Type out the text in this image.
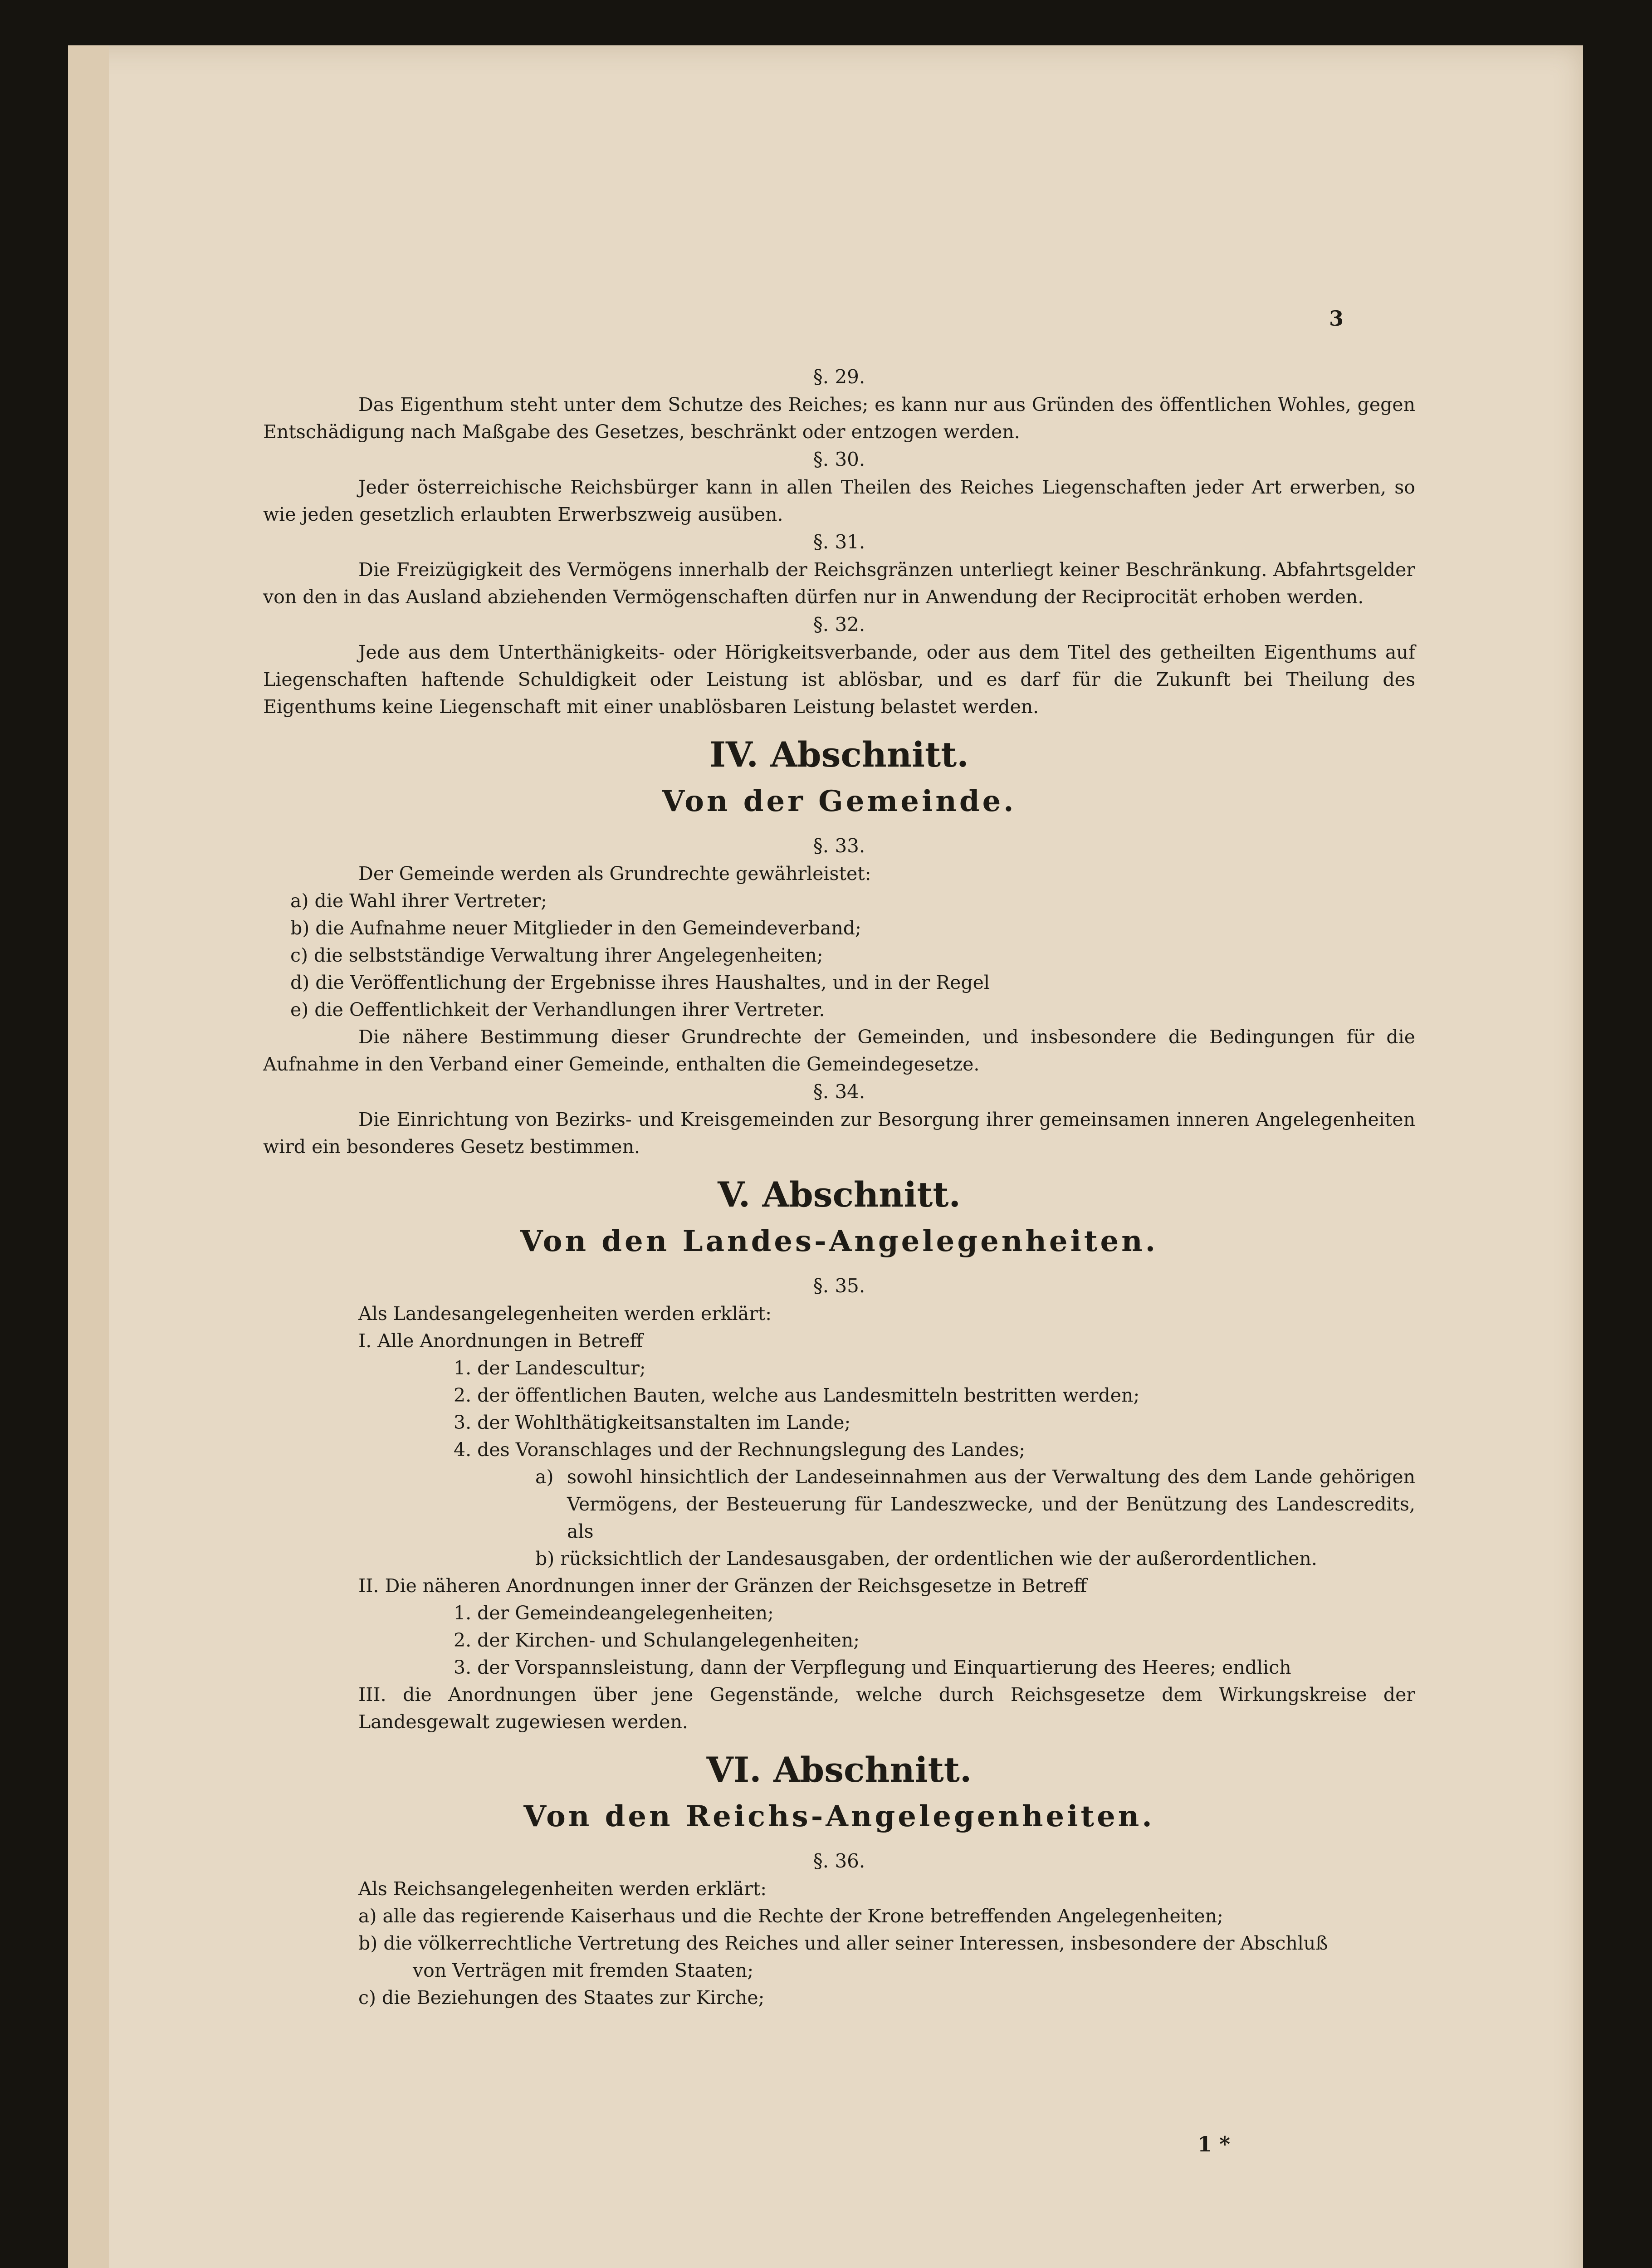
3
§. 29.

Das Eigenthum steht unter dem Schutze des Reiches; es kann nur aus Gründen des öffentlichen Wohles, gegen Entschädigung nach Maßgabe des Gesetzes, beschränkt oder entzogen werden.

§. 30.

Jeder österreichische Reichsbürger kann in allen Theilen des Reiches Liegenschaften jeder Art erwerben, so wie jeden gesetzlich erlaubten Erwerbszweig ausüben.

§. 31.

Die Freizügigkeit des Vermögens innerhalb der Reichsgränzen unterliegt keiner Beschränkung. Abfahrtsgelder von den in das Ausland abziehenden Vermögenschaften dürfen nur in Anwendung der Reciprocität erhoben werden.

§. 32.

Jede aus dem Unterthänigkeits- oder Hörigkeitsverbande, oder aus dem Titel des getheilten Eigenthums auf Liegenschaften haftende Schuldigkeit oder Leistung ist ablösbar, und es darf für die Zukunft bei Theilung des Eigenthums keine Liegenschaft mit einer unablösbaren Leistung belastet werden.

IV. Abschnitt.
Von der Gemeinde.
§. 33.

Der Gemeinde werden als Grundrechte gewährleistet:

a) die Wahl ihrer Vertreter;
b) die Aufnahme neuer Mitglieder in den Gemeindeverband;
c) die selbstständige Verwaltung ihrer Angelegenheiten;
d) die Veröffentlichung der Ergebnisse ihres Haushaltes, und in der Regel
e) die Oeffentlichkeit der Verhandlungen ihrer Vertreter.

Die nähere Bestimmung dieser Grundrechte der Gemeinden, und insbesondere die Bedingungen für die Aufnahme in den Verband einer Gemeinde, enthalten die Gemeindegesetze.

§. 34.

Die Einrichtung von Bezirks- und Kreisgemeinden zur Besorgung ihrer gemeinsamen inneren Angelegenheiten wird ein besonderes Gesetz bestimmen.

V. Abschnitt.
Von den Landes-Angelegenheiten.
§. 35.
Als Landesangelegenheiten werden erklärt:
I. Alle Anordnungen in Betreff
1. der Landescultur;
2. der öffentlichen Bauten, welche aus Landesmitteln bestritten werden;
3. der Wohlthätigkeitsanstalten im Lande;
4. des Voranschlages und der Rechnungslegung des Landes;
a) sowohl hinsichtlich der Landeseinnahmen aus der Verwaltung des dem Lande gehörigen Vermögens, der Besteuerung für Landeszwecke, und der Benützung des Landescredits, als
b) rücksichtlich der Landesausgaben, der ordentlichen wie der außerordentlichen.
II. Die näheren Anordnungen inner der Gränzen der Reichsgesetze in Betreff
1. der Gemeindeangelegenheiten;
2. der Kirchen- und Schulangelegenheiten;
3. der Vorspannsleistung, dann der Verpflegung und Einquartierung des Heeres; endlich

III. die Anordnungen über jene Gegenstände, welche durch Reichsgesetze dem Wirkungskreise der Landesgewalt zugewiesen werden.

VI. Abschnitt.
Von den Reichs-Angelegenheiten.
§. 36.
Als Reichsangelegenheiten werden erklärt:
a) alle das regierende Kaiserhaus und die Rechte der Krone betreffenden Angelegenheiten;
b) die völkerrechtliche Vertretung des Reiches und aller seiner Interessen, insbesondere der Abschluß
von Verträgen mit fremden Staaten;
c) die Beziehungen des Staates zur Kirche;
1 *
